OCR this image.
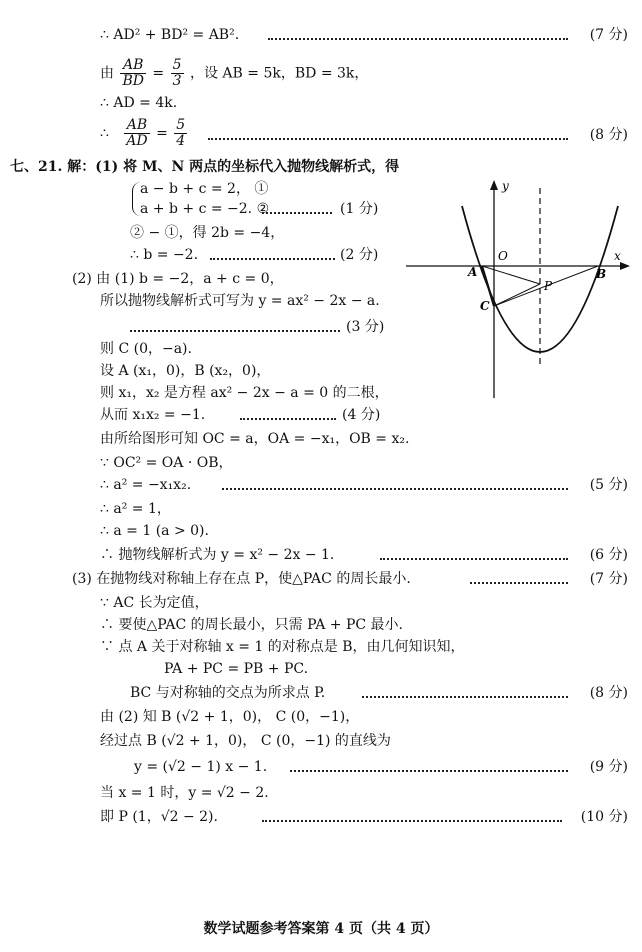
∴ AD² + BD² = AB².	(7 分)
由 $\frac{AB}{BD} = \frac{5}{3}$ ，设 AB = 5k，BD = 3k，
∴ AD = 4k.
∴ $\frac{AB}{AD} = \frac{5}{4}$	(8 分)
七、21. 解：(1) 将 M、N 两点的坐标代入抛物线解析式，得
a − b + c = 2， ①
a + b + c = −2. ②	(1 分)
② − ①，得 2b = −4，
∴ b = −2.	(2 分)
(2) 由 (1) b = −2，a + c = 0，
所以抛物线解析式可写为 y = ax² − 2x − a.
(3 分)
则 C (0，−a).
设 A (x₁，0)，B (x₂，0)，
则 x₁，x₂ 是方程 ax² − 2x − a = 0 的二根，
从而 x₁x₂ = −1.	(4 分)
由所给图形可知 OC = a，OA = −x₁，OB = x₂.
∵ OC² = OA · OB，
∴ a² = −x₁x₂.	(5 分)
∴ a² = 1，
∴ a = 1 (a > 0).
∴ 抛物线解析式为 y = x² − 2x − 1.	(6 分)
(3) 在抛物线对称轴上存在点 P，使△PAC 的周长最小.	(7 分)
∵ AC 长为定值，
∴ 要使△PAC 的周长最小，只需 PA + PC 最小.
∵ 点 A 关于对称轴 x = 1 的对称点是 B，由几何知识知，
PA + PC = PB + PC.
BC 与对称轴的交点为所求点 P.	(8 分)
由 (2) 知 B (√2 + 1，0)， C (0，−1)，
经过点 B (√2 + 1，0)， C (0，−1) 的直线为
y = (√2 − 1) x − 1.	(9 分)
当 x = 1 时，y = √2 − 2.
即 P (1，√2 − 2).	(10 分)
y
x
O
A	B
P
C
数学试题参考答案第 4 页（共 4 页）
